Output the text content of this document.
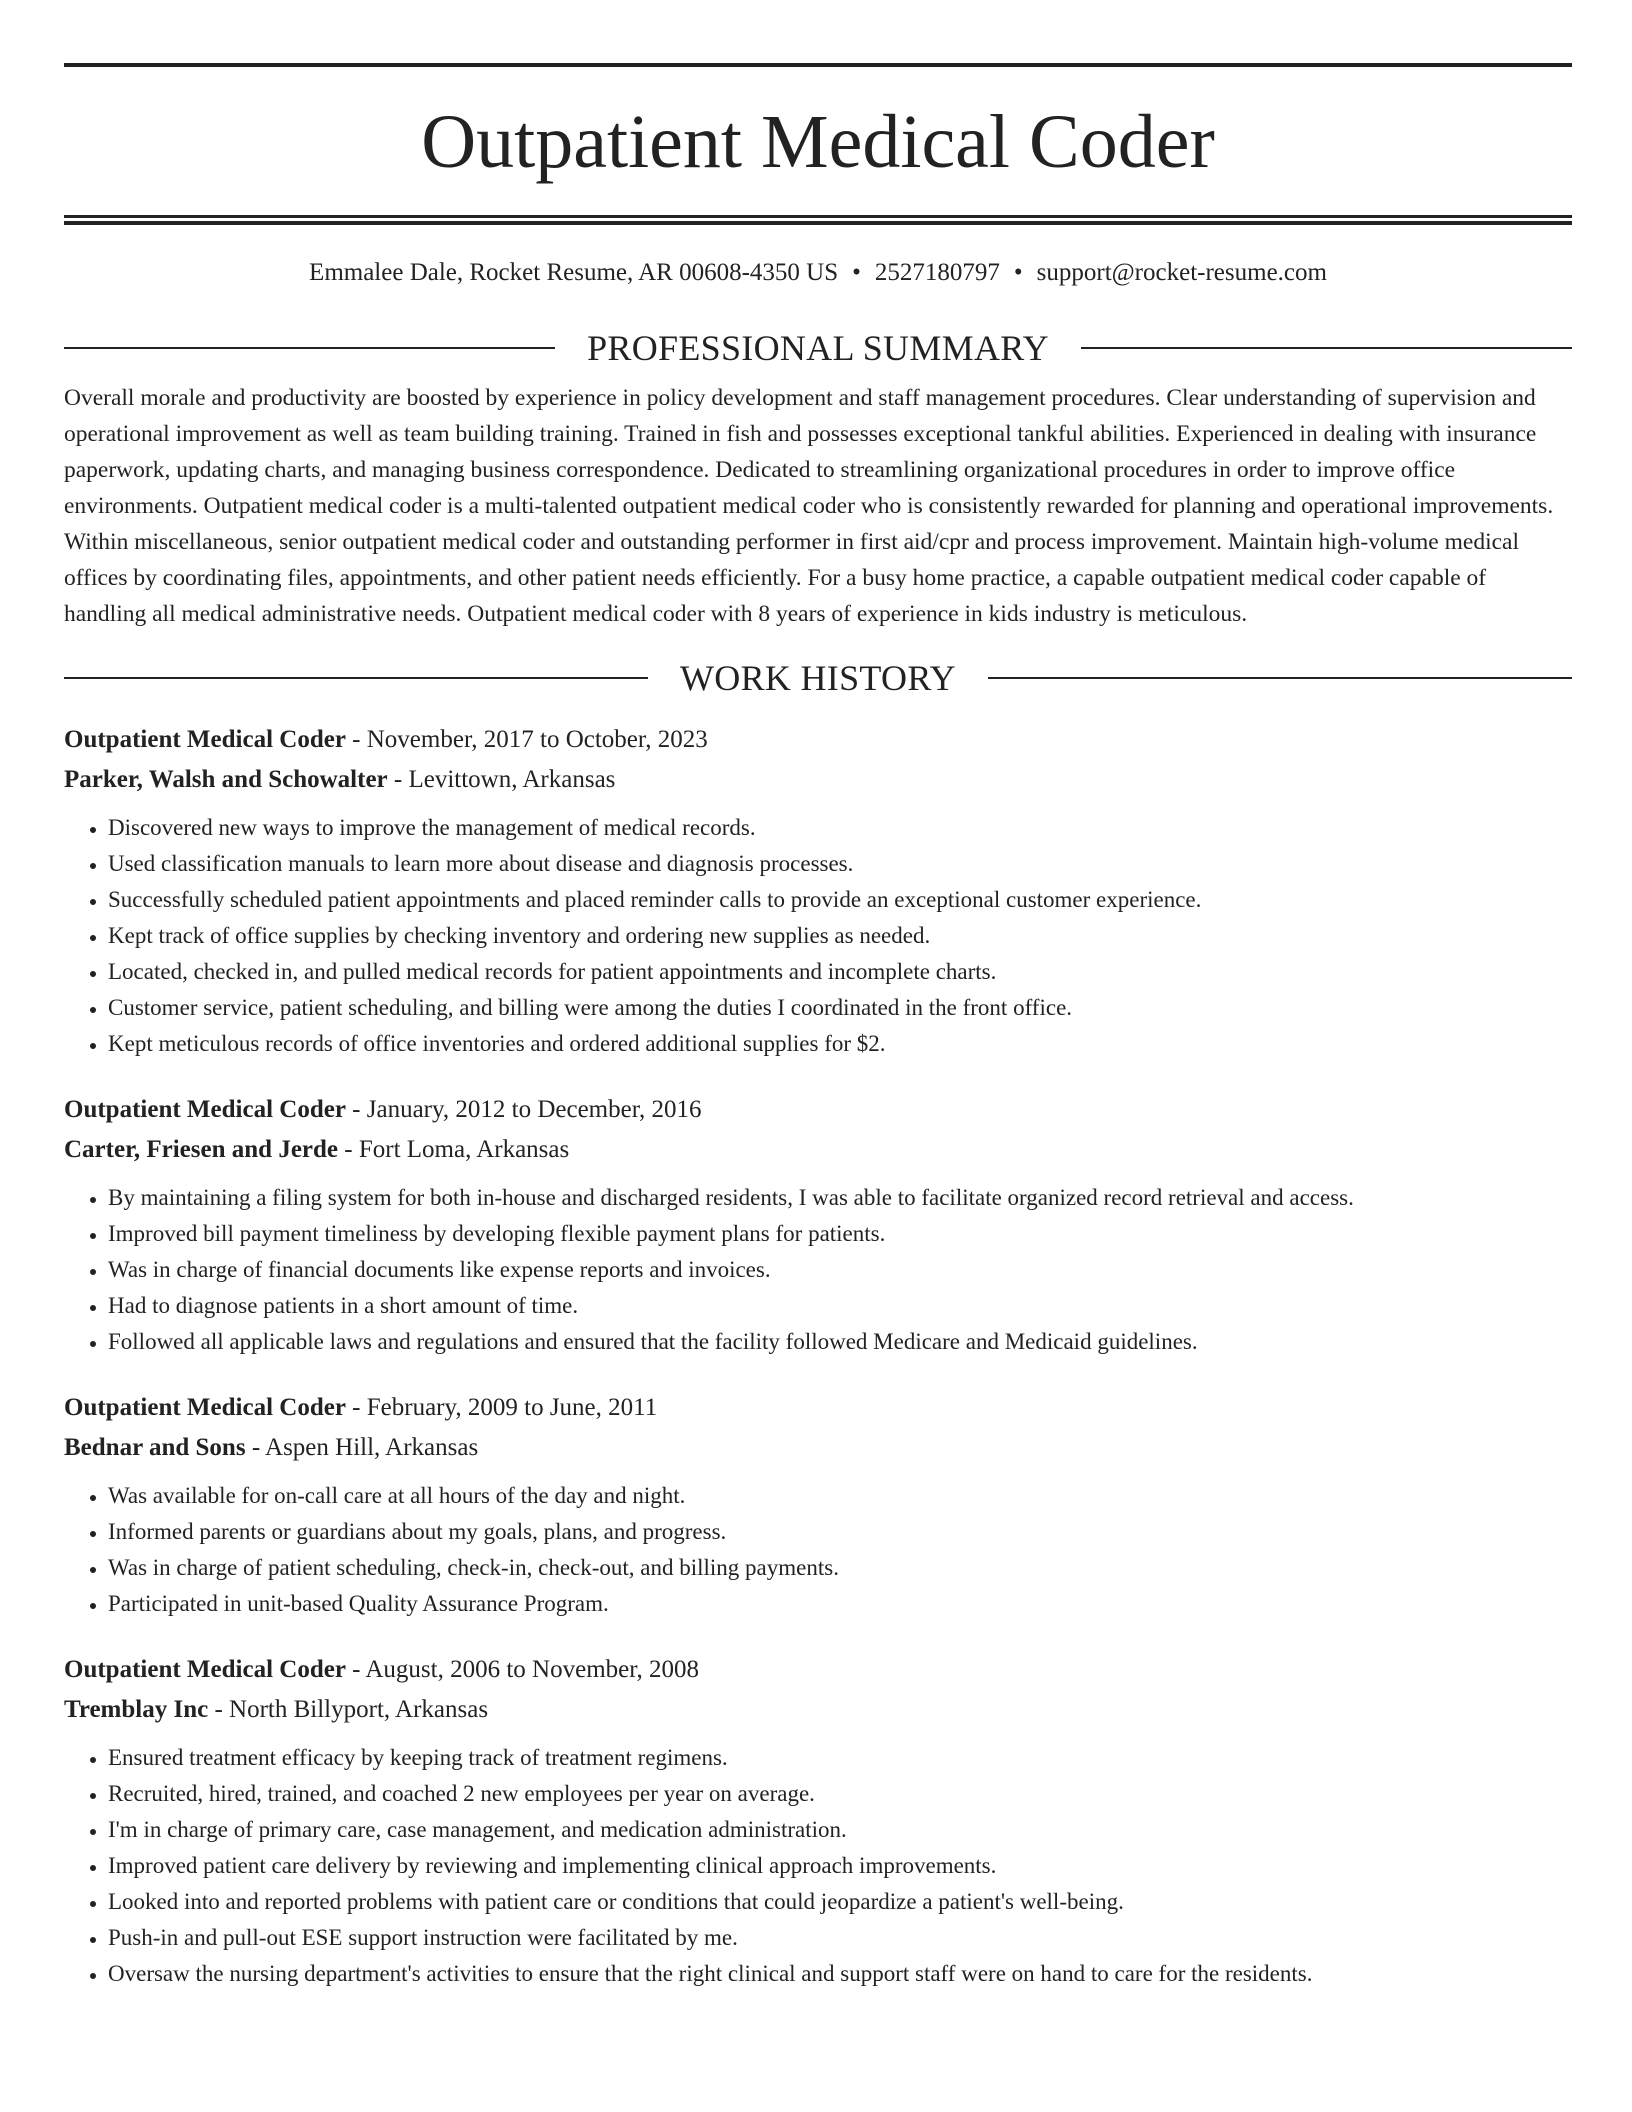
Outpatient Medical Coder
Emmalee Dale, Rocket Resume, AR 00608-4350 US • 2527180797 • support@rocket-resume.com
PROFESSIONAL SUMMARY
Overall morale and productivity are boosted by experience in policy development and staff management procedures. Clear understanding of supervision and operational improvement as well as team building training. Trained in fish and possesses exceptional tankful abilities. Experienced in dealing with insurance paperwork, updating charts, and managing business correspondence. Dedicated to streamlining organizational procedures in order to improve office environments. Outpatient medical coder is a multi-talented outpatient medical coder who is consistently rewarded for planning and operational improvements. Within miscellaneous, senior outpatient medical coder and outstanding performer in first aid/cpr and process improvement. Maintain high-volume medical offices by coordinating files, appointments, and other patient needs efficiently. For a busy home practice, a capable outpatient medical coder capable of handling all medical administrative needs. Outpatient medical coder with 8 years of experience in kids industry is meticulous.
WORK HISTORY
Outpatient Medical Coder - November, 2017 to October, 2023
Parker, Walsh and Schowalter - Levittown, Arkansas
• Discovered new ways to improve the management of medical records.
• Used classification manuals to learn more about disease and diagnosis processes.
• Successfully scheduled patient appointments and placed reminder calls to provide an exceptional customer experience.
• Kept track of office supplies by checking inventory and ordering new supplies as needed.
• Located, checked in, and pulled medical records for patient appointments and incomplete charts.
• Customer service, patient scheduling, and billing were among the duties I coordinated in the front office.
• Kept meticulous records of office inventories and ordered additional supplies for $2.
Outpatient Medical Coder - January, 2012 to December, 2016
Carter, Friesen and Jerde - Fort Loma, Arkansas
• By maintaining a filing system for both in-house and discharged residents, I was able to facilitate organized record retrieval and access.
• Improved bill payment timeliness by developing flexible payment plans for patients.
• Was in charge of financial documents like expense reports and invoices.
• Had to diagnose patients in a short amount of time.
• Followed all applicable laws and regulations and ensured that the facility followed Medicare and Medicaid guidelines.
Outpatient Medical Coder - February, 2009 to June, 2011
Bednar and Sons - Aspen Hill, Arkansas
• Was available for on-call care at all hours of the day and night.
• Informed parents or guardians about my goals, plans, and progress.
• Was in charge of patient scheduling, check-in, check-out, and billing payments.
• Participated in unit-based Quality Assurance Program.
Outpatient Medical Coder - August, 2006 to November, 2008
Tremblay Inc - North Billyport, Arkansas
• Ensured treatment efficacy by keeping track of treatment regimens.
• Recruited, hired, trained, and coached 2 new employees per year on average.
• I'm in charge of primary care, case management, and medication administration.
• Improved patient care delivery by reviewing and implementing clinical approach improvements.
• Looked into and reported problems with patient care or conditions that could jeopardize a patient's well-being.
• Push-in and pull-out ESE support instruction were facilitated by me.
• Oversaw the nursing department's activities to ensure that the right clinical and support staff were on hand to care for the residents.
